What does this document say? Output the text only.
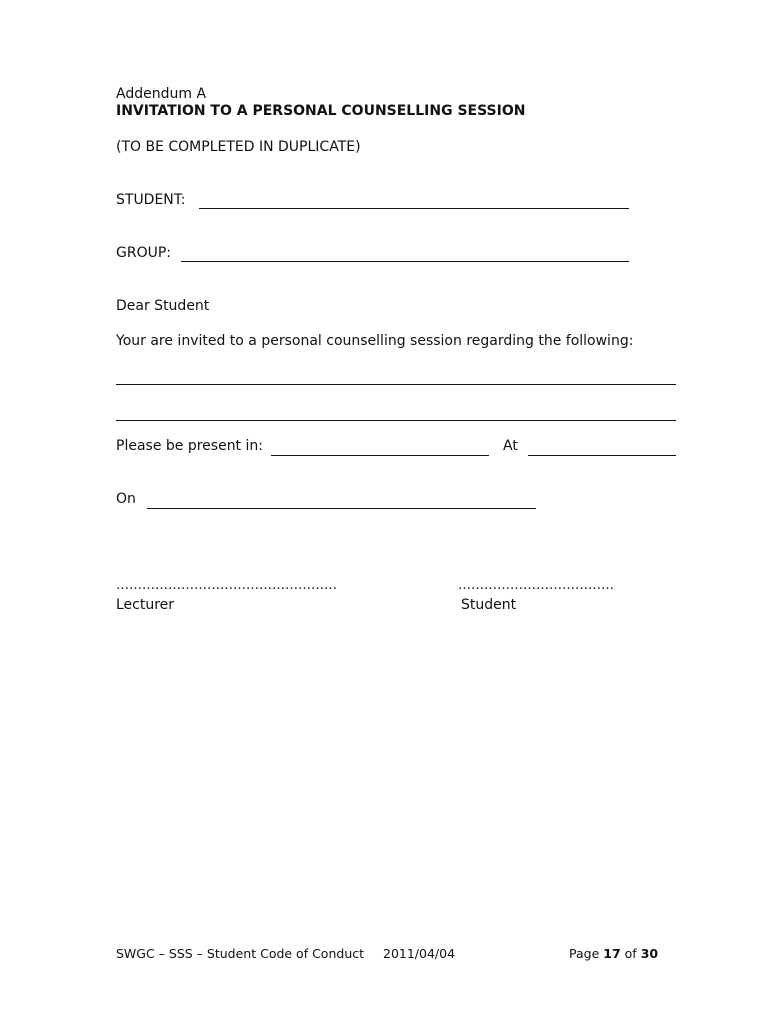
Addendum A
INVITATION TO A PERSONAL COUNSELLING SESSION
(TO BE COMPLETED IN DUPLICATE)
STUDENT:
GROUP:
Dear Student
Your are invited to a personal counselling session regarding the following:
Please be present in:	At
On
……………………………………………
Lecturer
………………………………
Student
SWGC – SSS – Student Code of Conduct 2011/04/04	Page 17 of 30
